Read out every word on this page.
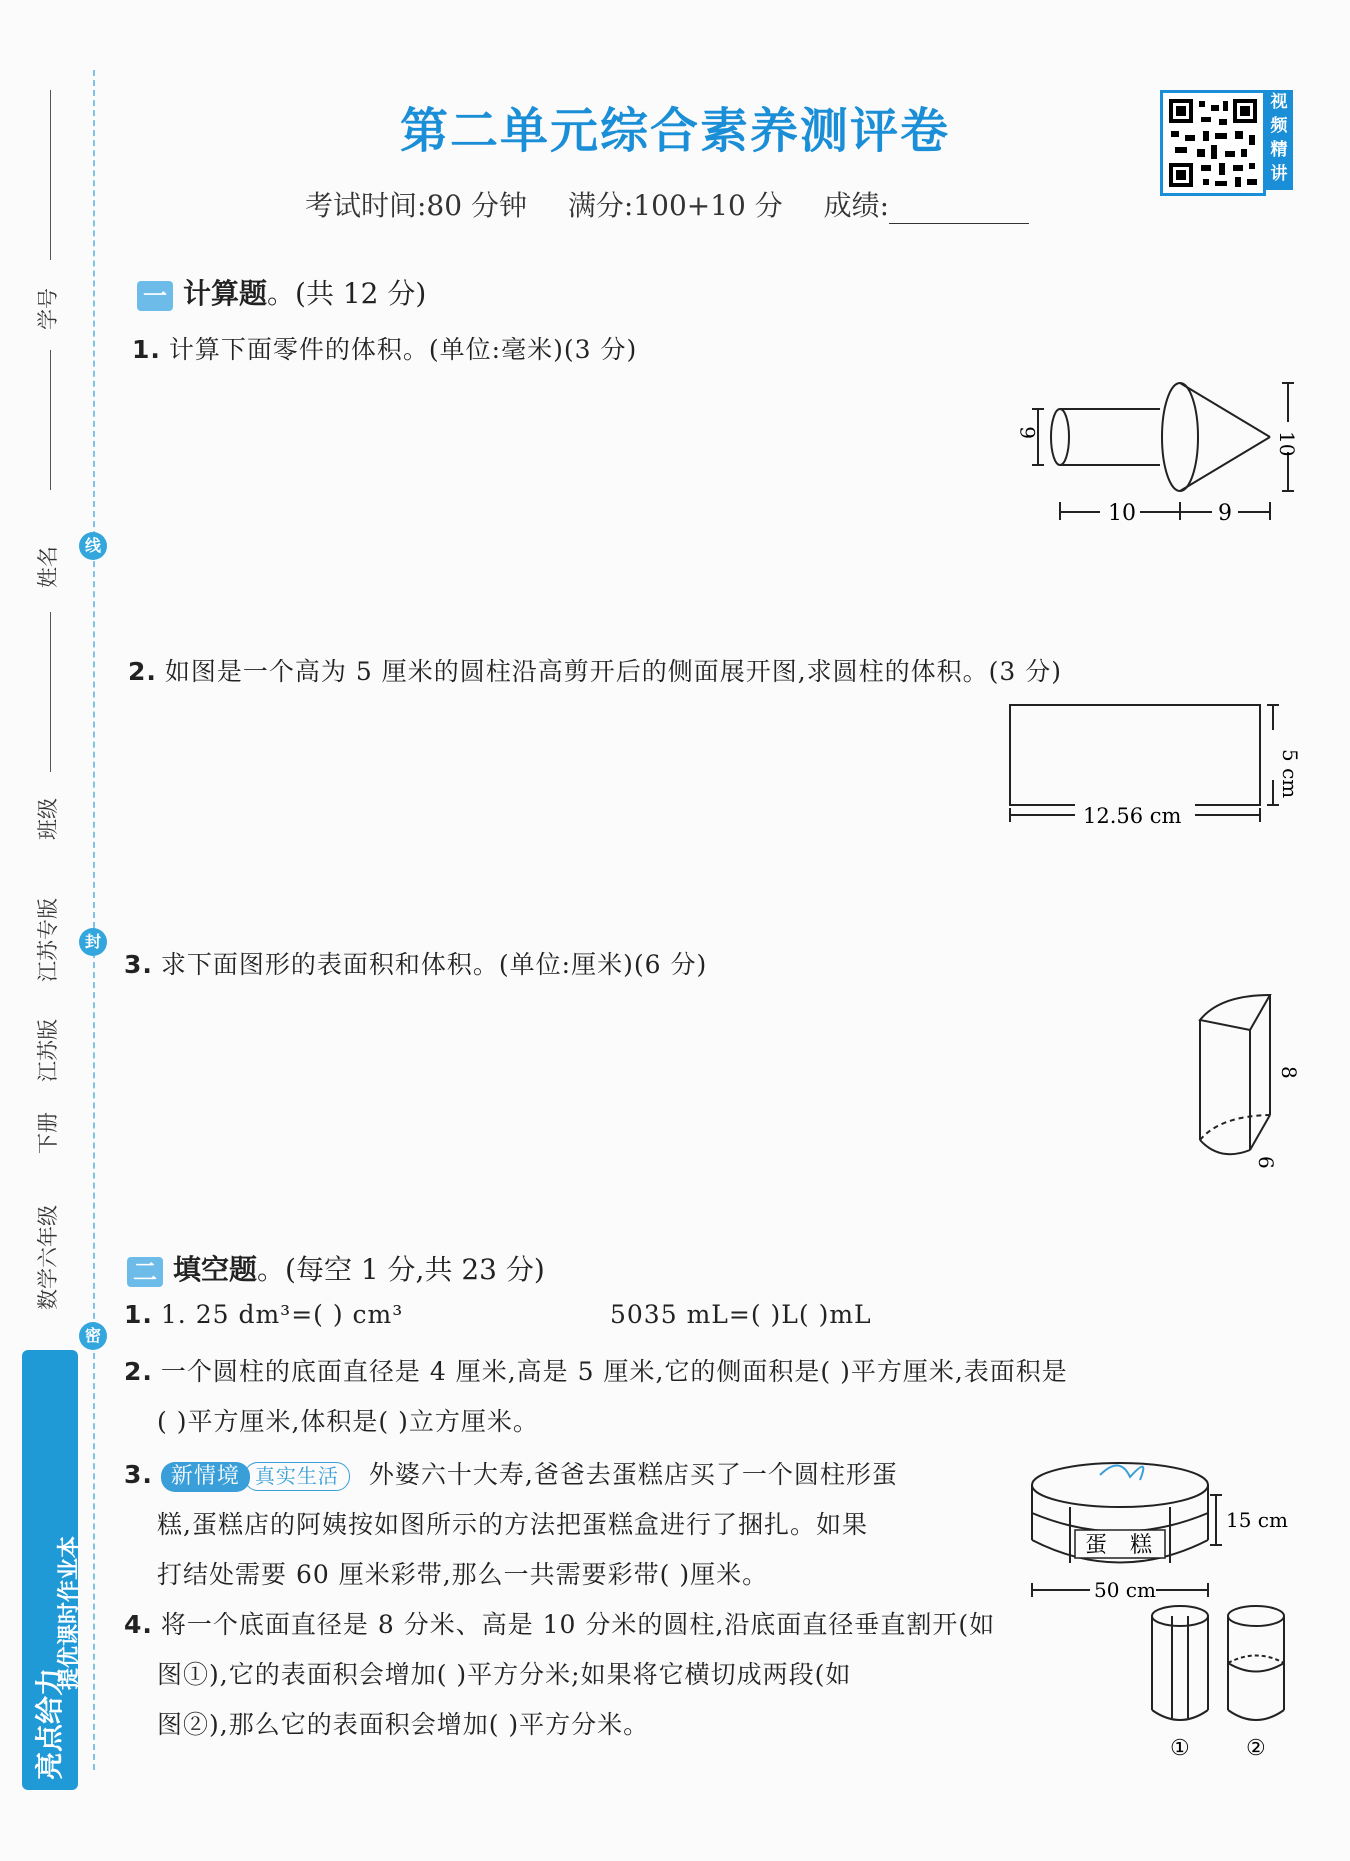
学号
姓名
班级
江苏专版
江苏版
下册
数学六年级
线
封
密
亮点给力
提优课时作业本
第二单元综合素养测评卷
考试时间:80 分钟 满分:100+10 分 成绩:
视频精讲
一 计算题。(共 12 分)
1. 计算下面零件的体积。(单位:毫米)(3 分)
6	10
10	9
2. 如图是一个高为 5 厘米的圆柱沿高剪开后的侧面展开图,求圆柱的体积。(3 分)
5 cm
12.56 cm
3. 求下面图形的表面积和体积。(单位:厘米)(6 分)
8
6
二 填空题。(每空 1 分,共 23 分)
1. 1. 25 dm³=( ) cm³	5035 mL=( )L( )mL
2. 一个圆柱的底面直径是 4 厘米,高是 5 厘米,它的侧面积是( )平方厘米,表面积是
( )平方厘米,体积是( )立方厘米。
3. 新情境 真实生活 外婆六十大寿,爸爸去蛋糕店买了一个圆柱形蛋
糕,蛋糕店的阿姨按如图所示的方法把蛋糕盒进行了捆扎。如果
打结处需要 60 厘米彩带,那么一共需要彩带( )厘米。
蛋 糕
15 cm
50 cm
4. 将一个底面直径是 8 分米、高是 10 分米的圆柱,沿底面直径垂直割开(如
图①),它的表面积会增加( )平方分米;如果将它横切成两段(如
图②),那么它的表面积会增加( )平方分米。
①	②
